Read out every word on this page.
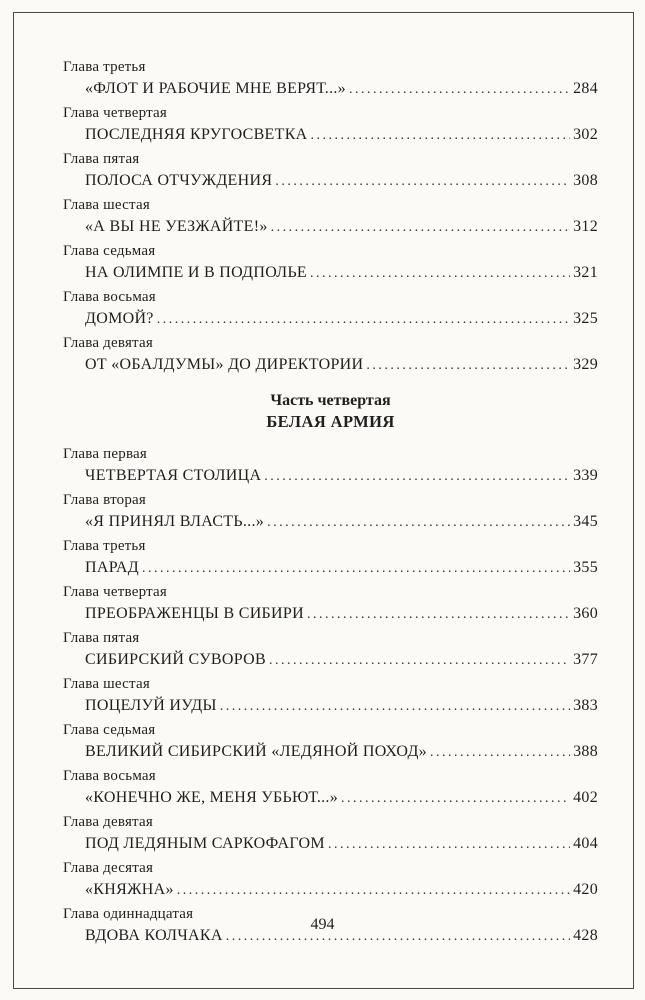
Глава третья
«ФЛОТ И РАБОЧИЕ МНЕ ВЕРЯТ...» .....	284
Глава четвертая
ПОСЛЕДНЯЯ КРУГОСВЕТКА .....	302
Глава пятая
ПОЛОСА ОТЧУЖДЕНИЯ .....	308
Глава шестая
«А ВЫ НЕ УЕЗЖАЙТЕ!» .....	312
Глава седьмая
НА ОЛИМПЕ И В ПОДПОЛЬЕ .....	321
Глава восьмая
ДОМОЙ? .....	325
Глава девятая
ОТ «ОБАЛДУМЫ» ДО ДИРЕКТОРИИ .....	329
Часть четвертая
БЕЛАЯ АРМИЯ
Глава первая
ЧЕТВЕРТАЯ СТОЛИЦА .....	339
Глава вторая
«Я ПРИНЯЛ ВЛАСТЬ...» .....	345
Глава третья
ПАРАД .....	355
Глава четвертая
ПРЕОБРАЖЕНЦЫ В СИБИРИ .....	360
Глава пятая
СИБИРСКИЙ СУВОРОВ .....	377
Глава шестая
ПОЦЕЛУЙ ИУДЫ .....	383
Глава седьмая
ВЕЛИКИЙ СИБИРСКИЙ «ЛЕДЯНОЙ ПОХОД» .....	388
Глава восьмая
«КОНЕЧНО ЖЕ, МЕНЯ УБЬЮТ...» .....	402
Глава девятая
ПОД ЛЕДЯНЫМ САРКОФАГОМ .....	404
Глава десятая
«КНЯЖНА» .....	420
Глава одиннадцатая
ВДОВА КОЛЧАКА .....	428
494
